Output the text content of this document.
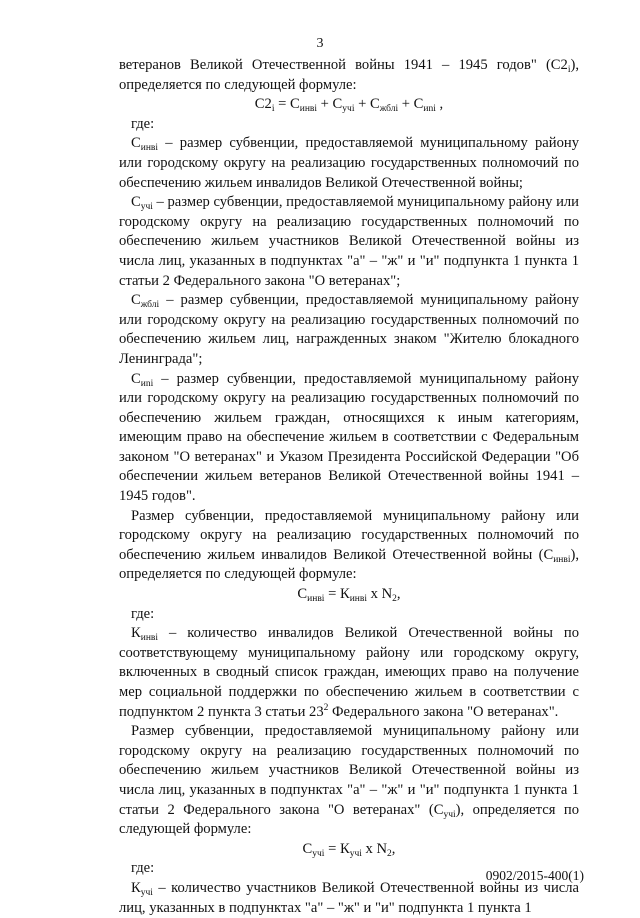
3

ветеранов Великой Отечественной войны 1941 – 1945 годов" $(С2_i)$, определяется по следующей формуле:

$С2_i = С_{инвi} + С_{учi} + С_{жблi} + С_{иnі}$ ,

где:

$С_{инвi}$ – размер субвенции, предоставляемой муниципальному району или городскому округу на реализацию государственных полномочий по обеспечению жильем инвалидов Великой Отечественной войны;

$С_{учi}$ – размер субвенции, предоставляемой муниципальному району или городскому округу на реализацию государственных полномочий по обеспечению жильем участников Великой Отечественной войны из числа лиц, указанных в подпунктах "а" – "ж" и "и" подпункта 1 пункта 1 статьи 2 Федерального закона "О ветеранах";

$С_{жблi}$ – размер субвенции, предоставляемой муниципальному району или городскому округу на реализацию государственных полномочий по обеспечению жильем лиц, награжденных знаком "Жителю блокадного Ленинграда";

$С_{иnі}$ – размер субвенции, предоставляемой муниципальному району или городскому округу на реализацию государственных полномочий по обеспечению жильем граждан, относящихся к иным категориям, имеющим право на обеспечение жильем в соответствии с Федеральным законом "О ветеранах" и Указом Президента Российской Федерации "Об обеспечении жильем ветеранов Великой Отечественной войны 1941 – 1945 годов".

Размер субвенции, предоставляемой муниципальному району или городскому округу на реализацию государственных полномочий по обеспечению жильем инвалидов Великой Отечественной войны $(С_{инвi})$, определяется по следующей формуле:

$С_{инвi} = К_{инвi}$ x $N_2$,

где:

$К_{инвi}$ – количество инвалидов Великой Отечественной войны по соответствующему муниципальному району или городскому округу, включенных в сводный список граждан, имеющих право на получение мер социальной поддержки по обеспечению жильем в соответствии с подпунктом 2 пункта 3 статьи $23^2$ Федерального закона "О ветеранах".

Размер субвенции, предоставляемой муниципальному району или городскому округу на реализацию государственных полномочий по обеспечению жильем участников Великой Отечественной войны из числа лиц, указанных в подпунктах "а" – "ж" и "и" подпункта 1 пункта 1 статьи 2 Федерального закона "О ветеранах" $(С_{учi})$, определяется по следующей формуле:

$С_{учi} = К_{учi}$ x $N_2$,

где:

$К_{учi}$ – количество участников Великой Отечественной войны из числа лиц, указанных в подпунктах "а" – "ж" и "и" подпункта 1 пункта 1

0902/2015-400(1)
